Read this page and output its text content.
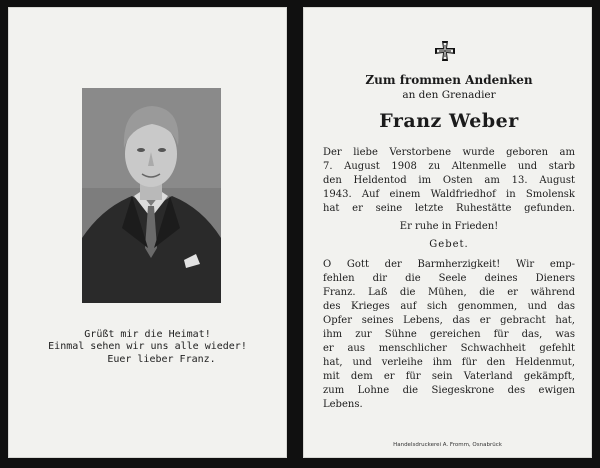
Grüßt mir die Heimat!
Einmal sehen wir uns alle wieder!
Euer lieber Franz.
Zum frommen Andenken
an den Grenadier
Franz Weber
Der liebe Verstorbene wurde geboren am
7. August 1908 zu Altenmelle und starb
den Heldentod im Osten am 13. August
1943. Auf einem Waldfriedhof in Smolensk
hat er seine letzte Ruhestätte gefunden.
Er ruhe in Frieden!
Gebet.
O Gott der Barmherzigkeit! Wir emp-
fehlen dir die Seele deines Dieners
Franz. Laß die Mühen, die er während
des Krieges auf sich genommen, und das
Opfer seines Lebens, das er gebracht hat,
ihm zur Sühne gereichen für das, was
er aus menschlicher Schwachheit gefehlt
hat, und verleihe ihm für den Heldenmut,
mit dem er für sein Vaterland gekämpft,
zum Lohne die Siegeskrone des ewigen
Lebens.
Handelsdruckerei A. Fromm, Osnabrück
